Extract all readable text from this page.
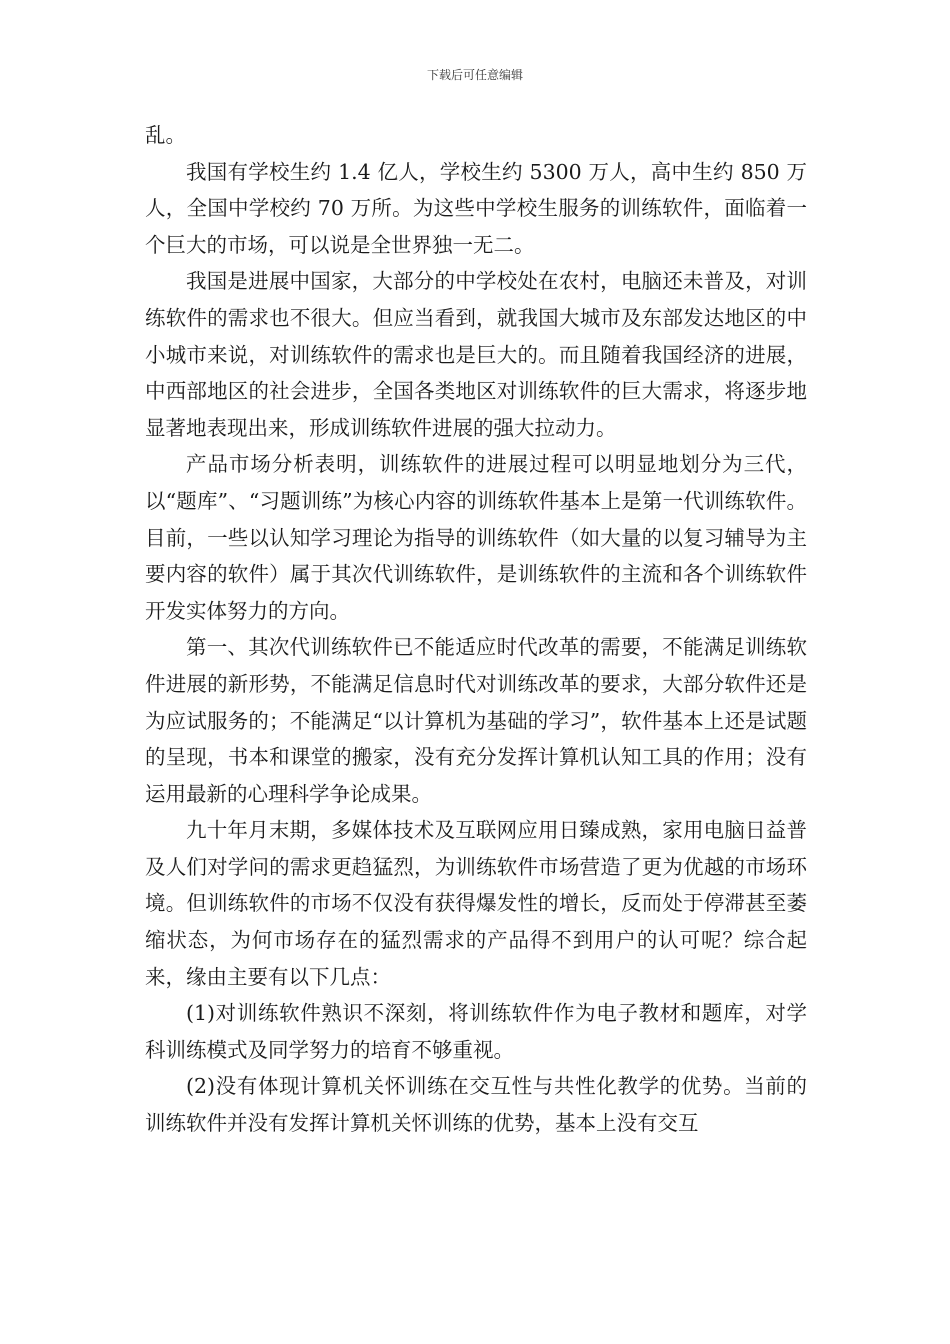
下载后可任意编辑

乱。

我国有学校生约 1.4 亿人，学校生约 5300 万人，高中生约 850 万人，全国中学校约 70 万所。为这些中学校生服务的训练软件，面临着一个巨大的市场，可以说是全世界独一无二。

我国是进展中国家，大部分的中学校处在农村，电脑还未普及，对训练软件的需求也不很大。但应当看到，就我国大城市及东部发达地区的中小城市来说，对训练软件的需求也是巨大的。而且随着我国经济的进展，中西部地区的社会进步，全国各类地区对训练软件的巨大需求，将逐步地显著地表现出来，形成训练软件进展的强大拉动力。

产品市场分析表明，训练软件的进展过程可以明显地划分为三代，以“题库”、“习题训练”为核心内容的训练软件基本上是第一代训练软件。目前，一些以认知学习理论为指导的训练软件（如大量的以复习辅导为主要内容的软件）属于其次代训练软件，是训练软件的主流和各个训练软件开发实体努力的方向。

第一、其次代训练软件已不能适应时代改革的需要，不能满足训练软件进展的新形势，不能满足信息时代对训练改革的要求，大部分软件还是为应试服务的；不能满足“以计算机为基础的学习”，软件基本上还是试题的呈现，书本和课堂的搬家，没有充分发挥计算机认知工具的作用；没有运用最新的心理科学争论成果。

九十年月末期，多媒体技术及互联网应用日臻成熟，家用电脑日益普及人们对学问的需求更趋猛烈，为训练软件市场营造了更为优越的市场环境。但训练软件的市场不仅没有获得爆发性的增长，反而处于停滞甚至萎缩状态，为何市场存在的猛烈需求的产品得不到用户的认可呢？综合起来，缘由主要有以下几点：

(1)对训练软件熟识不深刻，将训练软件作为电子教材和题库，对学科训练模式及同学努力的培育不够重视。

(2)没有体现计算机关怀训练在交互性与共性化教学的优势。当前的训练软件并没有发挥计算机关怀训练的优势，基本上没有交互
